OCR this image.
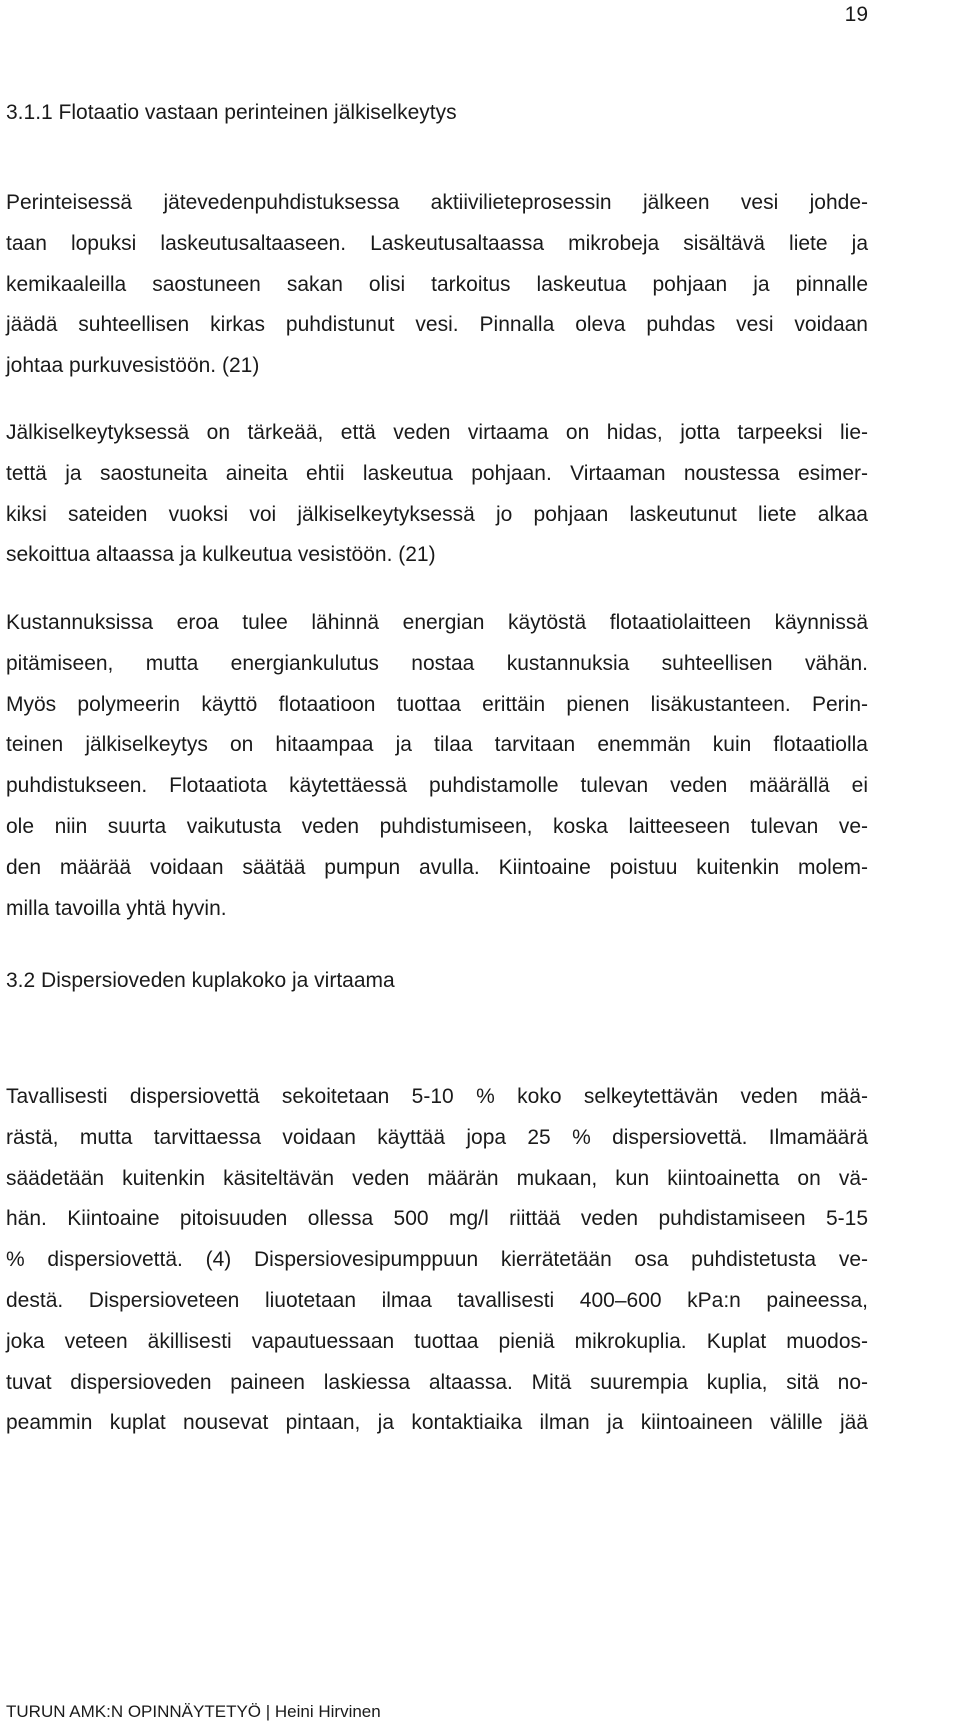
19
3.1.1 Flotaatio vastaan perinteinen jälkiselkeytys
Perinteisessä jätevedenpuhdistuksessa aktiivilieteprosessin jälkeen vesi johde-
taan lopuksi laskeutusaltaaseen. Laskeutusaltaassa mikrobeja sisältävä liete ja
kemikaaleilla saostuneen sakan olisi tarkoitus laskeutua pohjaan ja pinnalle
jäädä suhteellisen kirkas puhdistunut vesi. Pinnalla oleva puhdas vesi voidaan
johtaa purkuvesistöön. (21)
Jälkiselkeytyksessä on tärkeää, että veden virtaama on hidas, jotta tarpeeksi lie-
tettä ja saostuneita aineita ehtii laskeutua pohjaan. Virtaaman noustessa esimer-
kiksi sateiden vuoksi voi jälkiselkeytyksessä jo pohjaan laskeutunut liete alkaa
sekoittua altaassa ja kulkeutua vesistöön. (21)
Kustannuksissa eroa tulee lähinnä energian käytöstä flotaatiolaitteen käynnissä
pitämiseen, mutta energiankulutus nostaa kustannuksia suhteellisen vähän.
Myös polymeerin käyttö flotaatioon tuottaa erittäin pienen lisäkustanteen. Perin-
teinen jälkiselkeytys on hitaampaa ja tilaa tarvitaan enemmän kuin flotaatiolla
puhdistukseen. Flotaatiota käytettäessä puhdistamolle tulevan veden määrällä ei
ole niin suurta vaikutusta veden puhdistumiseen, koska laitteeseen tulevan ve-
den määrää voidaan säätää pumpun avulla. Kiintoaine poistuu kuitenkin molem-
milla tavoilla yhtä hyvin.
3.2 Dispersioveden kuplakoko ja virtaama
Tavallisesti dispersiovettä sekoitetaan 5-10 % koko selkeytettävän veden mää-
rästä, mutta tarvittaessa voidaan käyttää jopa 25 % dispersiovettä. Ilmamäärä
säädetään kuitenkin käsiteltävän veden määrän mukaan, kun kiintoainetta on vä-
hän. Kiintoaine pitoisuuden ollessa 500 mg/l riittää veden puhdistamiseen 5-15
% dispersiovettä. (4) Dispersiovesipumppuun kierrätetään osa puhdistetusta ve-
destä. Dispersioveteen liuotetaan ilmaa tavallisesti 400–600 kPa:n paineessa,
joka veteen äkillisesti vapautuessaan tuottaa pieniä mikrokuplia. Kuplat muodos-
tuvat dispersioveden paineen laskiessa altaassa. Mitä suurempia kuplia, sitä no-
peammin kuplat nousevat pintaan, ja kontaktiaika ilman ja kiintoaineen välille jää
TURUN AMK:N OPINNÄYTETYÖ | Heini Hirvinen
